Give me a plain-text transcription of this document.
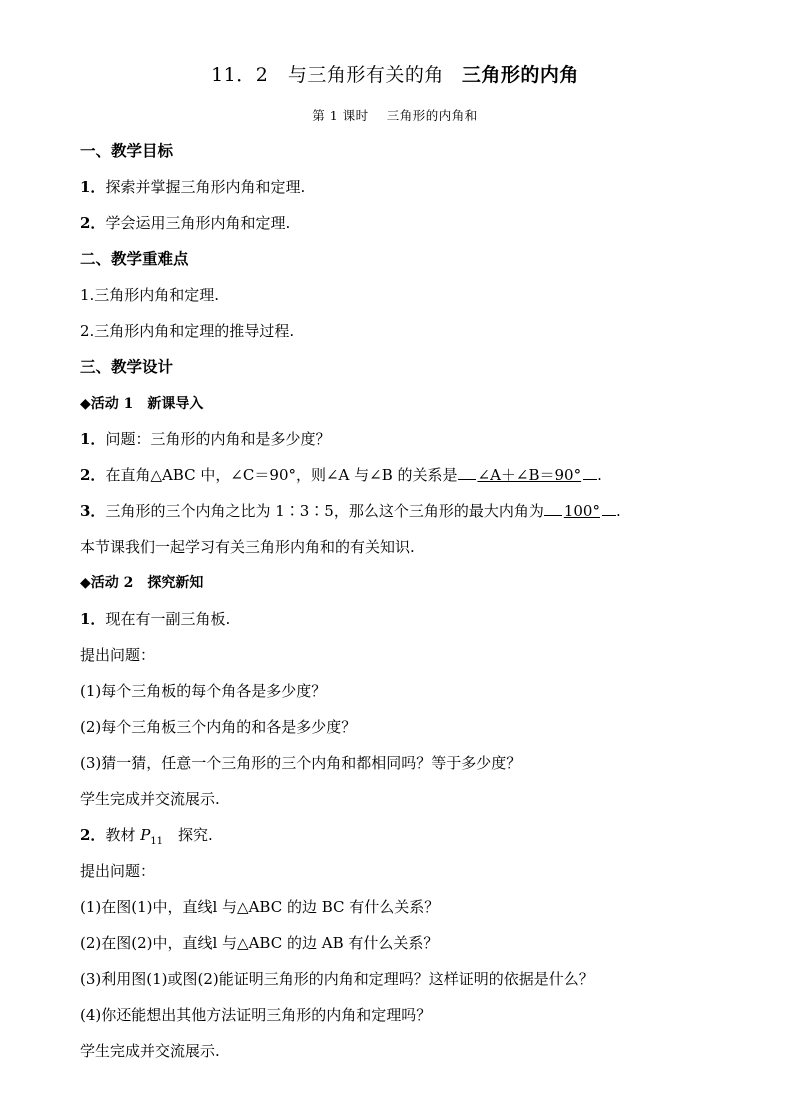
11．2　与三角形有关的角 三角形的内角
第 1 课时 三角形的内角和
一、教学目标
1．探索并掌握三角形内角和定理.
2．学会运用三角形内角和定理.
二、教学重难点
1.三角形内角和定理.
2.三角形内角和定理的推导过程.
三、教学设计
◆活动 1　新课导入
1．问题：三角形的内角和是多少度？
2．在直角△ABC 中，∠C＝90°，则∠A 与∠B 的关系是 ∠A＋∠B＝90° .
3．三角形的三个内角之比为 1∶3∶5，那么这个三角形的最大内角为 100° .
本节课我们一起学习有关三角形内角和的有关知识.
◆活动 2　探究新知
1．现在有一副三角板.
提出问题：
(1)每个三角板的每个角各是多少度？
(2)每个三角板三个内角的和各是多少度？
(3)猜一猜，任意一个三角形的三个内角和都相同吗？等于多少度？
学生完成并交流展示.
2．教材 $P_{11}$　探究.
提出问题：
(1)在图(1)中，直线l 与△ABC 的边 BC 有什么关系？
(2)在图(2)中，直线l 与△ABC 的边 AB 有什么关系？
(3)利用图(1)或图(2)能证明三角形的内角和定理吗？这样证明的依据是什么？
(4)你还能想出其他方法证明三角形的内角和定理吗？
学生完成并交流展示.
